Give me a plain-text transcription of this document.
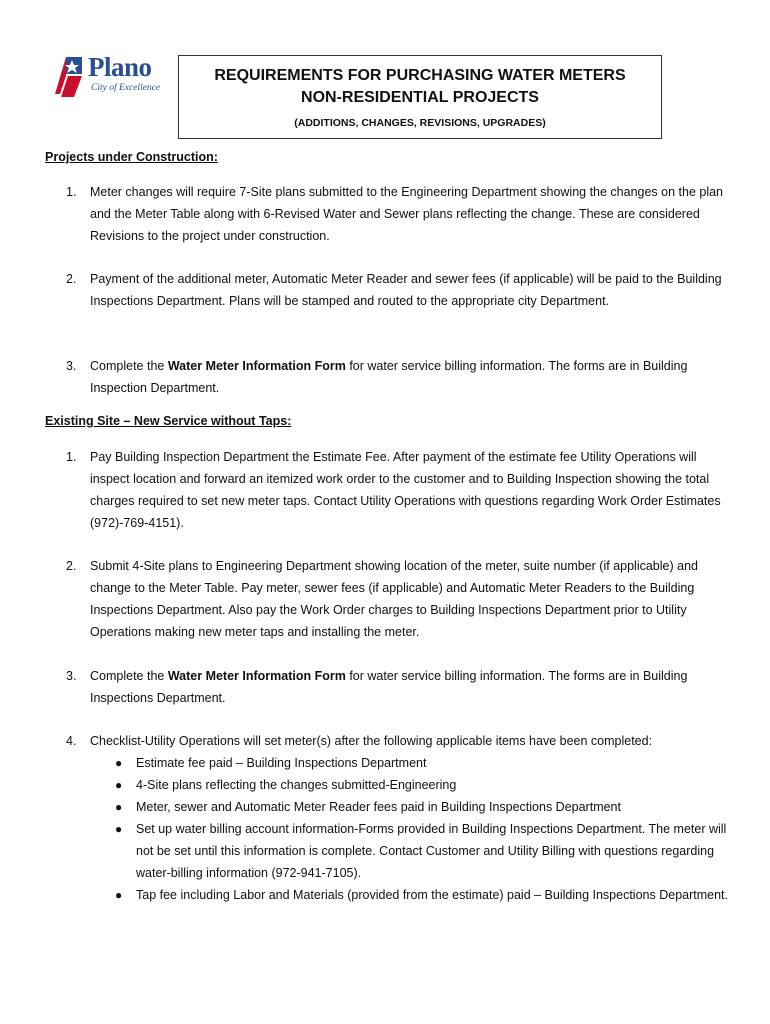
Plano
City of Excellence
REQUIREMENTS FOR PURCHASING WATER METERS
NON-RESIDENTIAL PROJECTS
(ADDITIONS, CHANGES, REVISIONS, UPGRADES)
Projects under Construction:
1. Meter changes will require 7-Site plans submitted to the Engineering Department showing the changes on the plan and the Meter Table along with 6-Revised Water and Sewer plans reflecting the change. These are considered Revisions to the project under construction.
2. Payment of the additional meter, Automatic Meter Reader and sewer fees (if applicable) will be paid to the Building Inspections Department. Plans will be stamped and routed to the appropriate city Department.
3. Complete the Water Meter Information Form for water service billing information. The forms are in Building Inspection Department.
Existing Site – New Service without Taps:
1. Pay Building Inspection Department the Estimate Fee. After payment of the estimate fee Utility Operations will inspect location and forward an itemized work order to the customer and to Building Inspection showing the total charges required to set new meter taps. Contact Utility Operations with questions regarding Work Order Estimates (972)-769-4151).
2. Submit 4-Site plans to Engineering Department showing location of the meter, suite number (if applicable) and change to the Meter Table. Pay meter, sewer fees (if applicable) and Automatic Meter Readers to the Building Inspections Department. Also pay the Work Order charges to Building Inspections Department prior to Utility Operations making new meter taps and installing the meter.
3. Complete the Water Meter Information Form for water service billing information. The forms are in Building Inspections Department.
4. Checklist-Utility Operations will set meter(s) after the following applicable items have been completed:
● Estimate fee paid – Building Inspections Department
● 4-Site plans reflecting the changes submitted-Engineering
● Meter, sewer and Automatic Meter Reader fees paid in Building Inspections Department
● Set up water billing account information-Forms provided in Building Inspections Department. The meter will not be set until this information is complete. Contact Customer and Utility Billing with questions regarding water-billing information (972-941-7105).
● Tap fee including Labor and Materials (provided from the estimate) paid – Building Inspections Department.
